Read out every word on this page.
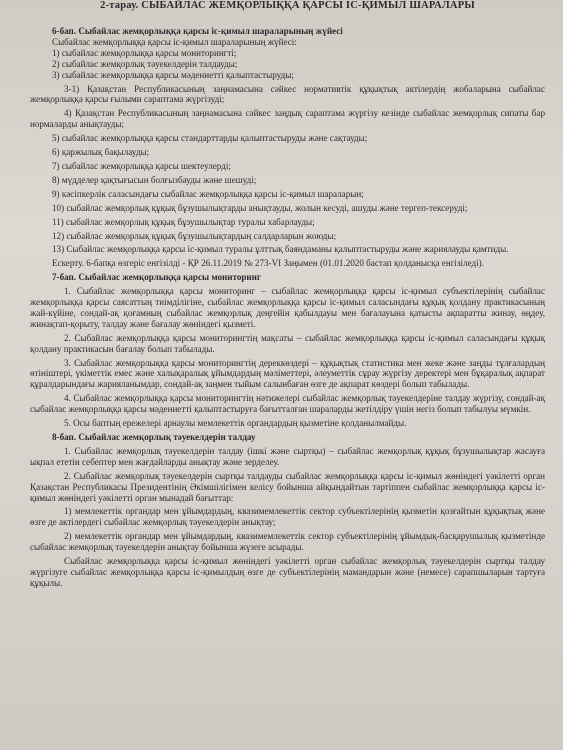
2-тарау. СЫБАЙЛАС ЖЕМҚОРЛЫҚҚА ҚАРСЫ ІС-ҚИМЫЛ ШАРАЛАРЫ

6-бап. Сыбайлас жемқорлыққа қарсы іс-қимыл шараларының жүйесі

Сыбайлас жемқорлыққа қарсы іс-қимыл шараларының жүйесі:

1) сыбайлас жемқорлыққа қарсы мониторингті;

2) сыбайлас жемқорлық тәуекелдерін талдауды;

3) сыбайлас жемқорлыққа қарсы мәдениетті қалыптастыруды;

3-1) Қазақстан Республикасының заңнамасына сәйкес нормативтік құқықтық актілердің жобаларына сыбайлас жемқорлыққа қарсы ғылыми сараптама жүргізуді;

4) Қазақстан Республикасының заңнамасына сәйкес заңдық сараптама жүргізу кезінде сыбайлас жемқорлық сипаты бар нормаларды анықтауды;

5) сыбайлас жемқорлыққа қарсы стандарттарды қалыптастыруды және сақтауды;

6) қаржылық бақылауды;

7) сыбайлас жемқорлыққа қарсы шектеулерді;

8) мүдделер қақтығысын болғызбауды және шешуді;

9) кәсіпкерлік саласындағы сыбайлас жемқорлыққа қарсы іс-қимыл шараларын;

10) сыбайлас жемқорлық құқық бұзушылықтарды анықтауды, жолын кесуді, ашуды және тергеп-тексеруді;

11) сыбайлас жемқорлық құқық бұзушылықтар туралы хабарлауды;

12) сыбайлас жемқорлық құқық бұзушылықтардың салдарларын жоюды;

13) Сыбайлас жемқорлыққа қарсы іс-қимыл туралы ұлттық баяндаманы қалыптастыруды және жариялауды қамтиды.

Ескерту. 6-бапқа өзгеріс енгізілді - ҚР 26.11.2019 № 273-VI Заңымен (01.01.2020 бастап қолданысқа енгізіледі).

7-бап. Сыбайлас жемқорлыққа қарсы мониторинг

1. Сыбайлас жемқорлыққа қарсы мониторинг – сыбайлас жемқорлыққа қарсы іс-қимыл субъектілерінің сыбайлас жемқорлыққа қарсы саясаттың тиімділігіне, сыбайлас жемқорлыққа қарсы іс-қимыл саласындағы құқық қолдану практикасының жай-күйіне, сондай-ақ қоғамның сыбайлас жемқорлық деңгейін қабылдауы мен бағалауына қатысты ақпаратты жинау, өңдеу, жинақтап-қорыту, талдау және бағалау жөніндегі қызметі.

2. Сыбайлас жемқорлыққа қарсы мониторингтің мақсаты – сыбайлас жемқорлыққа қарсы іс-қимыл саласындағы құқық қолдану практикасын бағалау болып табылады.

3. Сыбайлас жемқорлыққа қарсы мониторингтің дереккөздері – құқықтық статистика мен жеке және заңды тұлғалардың өтініштері, үкіметтік емес және халықаралық ұйымдардың мәліметтері, әлеуметтік сұрау жүргізу деректері мен бұқаралық ақпарат құралдарындағы жарияланымдар, сондай-ақ заңмен тыйым салынбаған өзге де ақпарат көздері болып табылады.

4. Сыбайлас жемқорлыққа қарсы мониторингтің нәтижелері сыбайлас жемқорлық тәуекелдеріне талдау жүргізу, сондай-ақ сыбайлас жемқорлыққа қарсы мәдениетті қалыптастыруға бағытталған шараларды жетілдіру үшін негіз болып табылуы мүмкін.

5. Осы баптың ережелері арнаулы мемлекеттік органдардың қызметіне қолданылмайды.

8-бап. Сыбайлас жемқорлық тәуекелдерін талдау

1. Сыбайлас жемқорлық тәуекелдерін талдау (ішкі және сыртқы) – сыбайлас жемқорлық құқық бұзушылықтар жасауға ықпал ететін себептер мен жағдайларды анықтау және зерделеу.

2. Сыбайлас жемқорлық тәуекелдерін сыртқы талдауды сыбайлас жемқорлыққа қарсы іс-қимыл жөніндегі уәкілетті орган Қазақстан Республикасы Президентінің Әкімшілігімен келісу бойынша айқындайтын тәртіппен сыбайлас жемқорлыққа қарсы іс-қимыл жөніндегі уәкілетті орган мынадай бағыттар:

1) мемлекеттік органдар мен ұйымдардың, квазимемлекеттік сектор субъектілерінің қызметін қозғайтын құқықтық және өзге де актілердегі сыбайлас жемқорлық тәуекелдерін анықтау;

2) мемлекеттік органдар мен ұйымдардың, квазимемлекеттік сектор субъектілерінің ұйымдық-басқарушылық қызметінде сыбайлас жемқорлық тәуекелдерін анықтау бойынша жүзеге асырады.

Сыбайлас жемқорлыққа қарсы іс-қимыл жөніндегі уәкілетті орган сыбайлас жемқорлық тәуекелдерін сыртқы талдау жүргізуге сыбайлас жемқорлыққа қарсы іс-қимылдың өзге де субъектілерінің мамандарын және (немесе) сарапшыларын тартуға құқылы.
